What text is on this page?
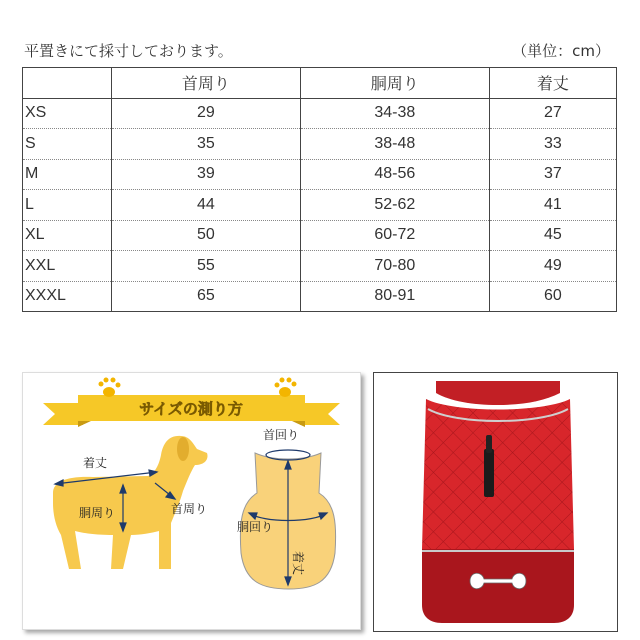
平置きにて採寸しております。	（単位：cm）
	首周り	胴周り	着丈
XS	29	34-38	27
S	35	38-48	33
M	39	48-56	37
L	44	52-62	41
XL	50	60-72	45
XXL	55	70-80	49
XXXL	65	80-91	60
サイズの測り方
着丈
胴周り	首周り
首回り
胴回り
着丈
